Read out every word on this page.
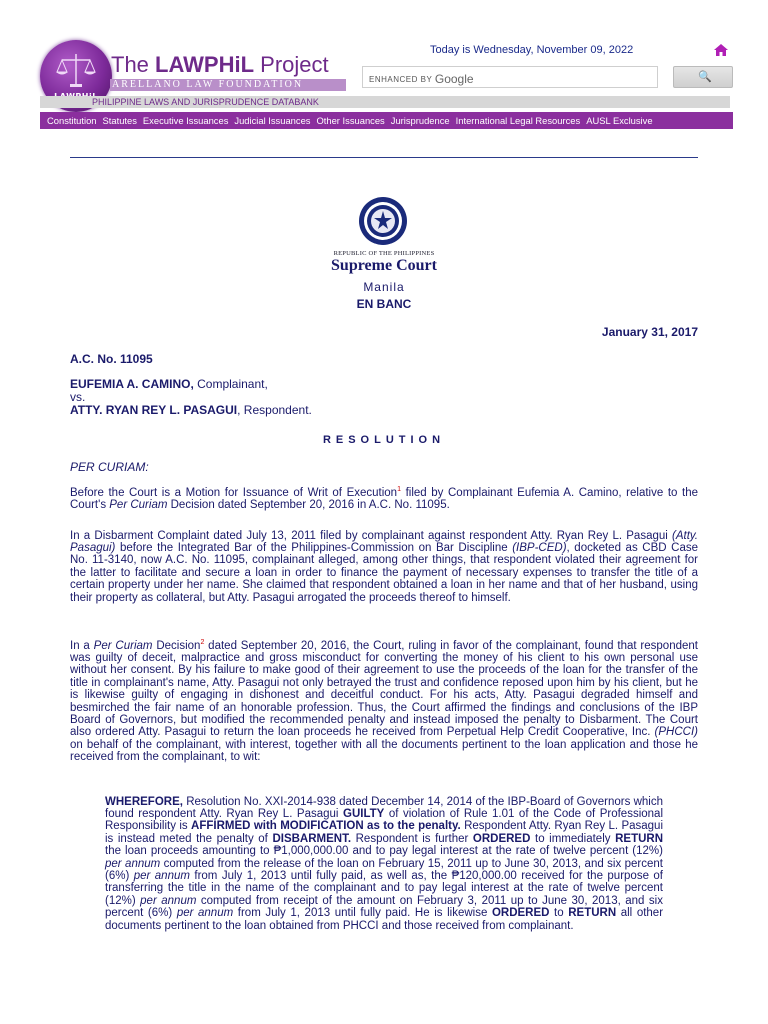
The LAWPHiL Project
ARELLANO LAW FOUNDATION
PHILIPPINE LAWS AND JURISPRUDENCE DATABANK
Today is Wednesday, November 09, 2022
ENHANCED BY Google	🔍
Constitution Statutes Executive Issuances Judicial Issuances Other Issuances Jurisprudence International Legal Resources AUSL Exclusive
REPUBLIC OF THE PHILIPPINES
Supreme Court
Manila
EN BANC
January 31, 2017
A.C. No. 11095
EUFEMIA A. CAMINO, Complainant,
vs.
ATTY. RYAN REY L. PASAGUI, Respondent.
RESOLUTION
PER CURIAM:

Before the Court is a Motion for Issuance of Writ of Execution$^1$ filed by Complainant Eufemia A. Camino, relative to the Court's Per Curiam Decision dated September 20, 2016 in A.C. No. 11095.

In a Disbarment Complaint dated July 13, 2011 filed by complainant against respondent Atty. Ryan Rey L. Pasagui (Atty. Pasagui) before the Integrated Bar of the Philippines-Commission on Bar Discipline (IBP-CED), docketed as CBD Case No. 11-3140, now A.C. No. 11095, complainant alleged, among other things, that respondent violated their agreement for the latter to facilitate and secure a loan in order to finance the payment of necessary expenses to transfer the title of a certain property under her name. She claimed that respondent obtained a loan in her name and that of her husband, using their property as collateral, but Atty. Pasagui arrogated the proceeds thereof to himself.

In a Per Curiam Decision$^2$ dated September 20, 2016, the Court, ruling in favor of the complainant, found that respondent was guilty of deceit, malpractice and gross misconduct for converting the money of his client to his own personal use without her consent. By his failure to make good of their agreement to use the proceeds of the loan for the transfer of the title in complainant's name, Atty. Pasagui not only betrayed the trust and confidence reposed upon him by his client, but he is likewise guilty of engaging in dishonest and deceitful conduct. For his acts, Atty. Pasagui degraded himself and besmirched the fair name of an honorable profession. Thus, the Court affirmed the findings and conclusions of the IBP Board of Governors, but modified the recommended penalty and instead imposed the penalty to Disbarment. The Court also ordered Atty. Pasagui to return the loan proceeds he received from Perpetual Help Credit Cooperative, Inc. (PHCCI) on behalf of the complainant, with interest, together with all the documents pertinent to the loan application and those he received from the complainant, to wit:

WHEREFORE, Resolution No. XXI-2014-938 dated December 14, 2014 of the IBP-Board of Governors which found respondent Atty. Ryan Rey L. Pasagui GUILTY of violation of Rule 1.01 of the Code of Professional Responsibility is AFFIRMED with MODIFICATION as to the penalty. Respondent Atty. Ryan Rey L. Pasagui is instead meted the penalty of DISBARMENT. Respondent is further ORDERED to immediately RETURN the loan proceeds amounting to ₱1,000,000.00 and to pay legal interest at the rate of twelve percent (12%) per annum computed from the release of the loan on February 15, 2011 up to June 30, 2013, and six percent (6%) per annum from July 1, 2013 until fully paid, as well as, the ₱120,000.00 received for the purpose of transferring the title in the name of the complainant and to pay legal interest at the rate of twelve percent (12%) per annum computed from receipt of the amount on February 3, 2011 up to June 30, 2013, and six percent (6%) per annum from July 1, 2013 until fully paid. He is likewise ORDERED to RETURN all other documents pertinent to the loan obtained from PHCCI and those received from complainant.
